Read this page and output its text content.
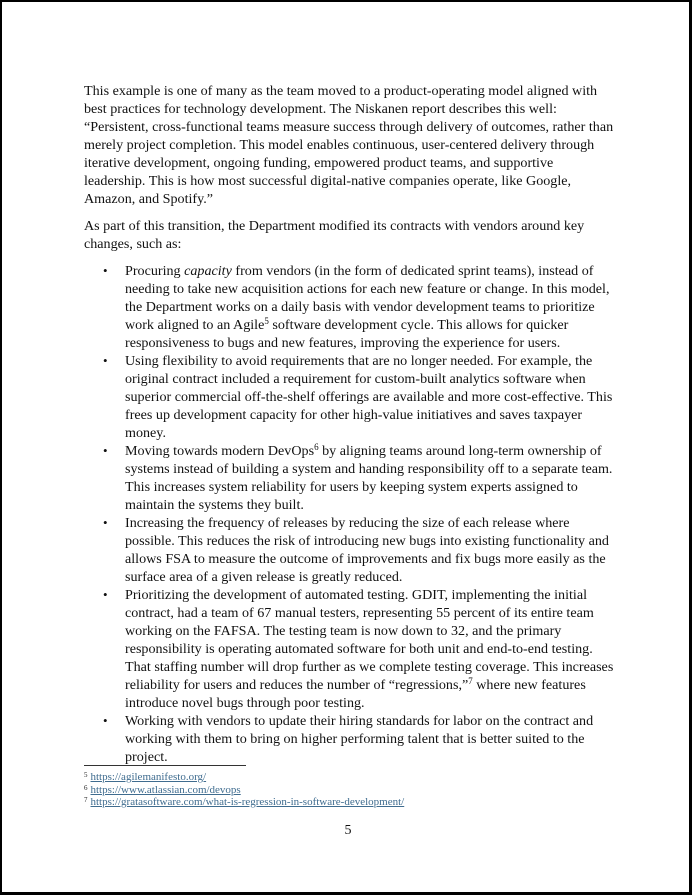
This example is one of many as the team moved to a product-operating model aligned with best practices for technology development. The Niskanen report describes this well: “Persistent, cross-functional teams measure success through delivery of outcomes, rather than merely project completion. This model enables continuous, user-centered delivery through iterative development, ongoing funding, empowered product teams, and supportive leadership. This is how most successful digital-native companies operate, like Google, Amazon, and Spotify.”

As part of this transition, the Department modified its contracts with vendors around key changes, such as:

• Procuring capacity from vendors (in the form of dedicated sprint teams), instead of needing to take new acquisition actions for each new feature or change. In this model, the Department works on a daily basis with vendor development teams to prioritize work aligned to an Agile$^5$ software development cycle. This allows for quicker responsiveness to bugs and new features, improving the experience for users.
• Using flexibility to avoid requirements that are no longer needed. For example, the original contract included a requirement for custom-built analytics software when superior commercial off-the-shelf offerings are available and more cost-effective. This frees up development capacity for other high-value initiatives and saves taxpayer money.
• Moving towards modern DevOps$^6$ by aligning teams around long-term ownership of systems instead of building a system and handing responsibility off to a separate team. This increases system reliability for users by keeping system experts assigned to maintain the systems they built.
• Increasing the frequency of releases by reducing the size of each release where possible. This reduces the risk of introducing new bugs into existing functionality and allows FSA to measure the outcome of improvements and fix bugs more easily as the surface area of a given release is greatly reduced.
• Prioritizing the development of automated testing. GDIT, implementing the initial contract, had a team of 67 manual testers, representing 55 percent of its entire team working on the FAFSA. The testing team is now down to 32, and the primary responsibility is operating automated software for both unit and end-to-end testing. That staffing number will drop further as we complete testing coverage. This increases reliability for users and reduces the number of “regressions,”$^7$ where new features introduce novel bugs through poor testing.
• Working with vendors to update their hiring standards for labor on the contract and working with them to bring on higher performing talent that is better suited to the project.
$^5$ https://agilemanifesto.org/
$^6$ https://www.atlassian.com/devops
$^7$ https://gratasoftware.com/what-is-regression-in-software-development/
5
